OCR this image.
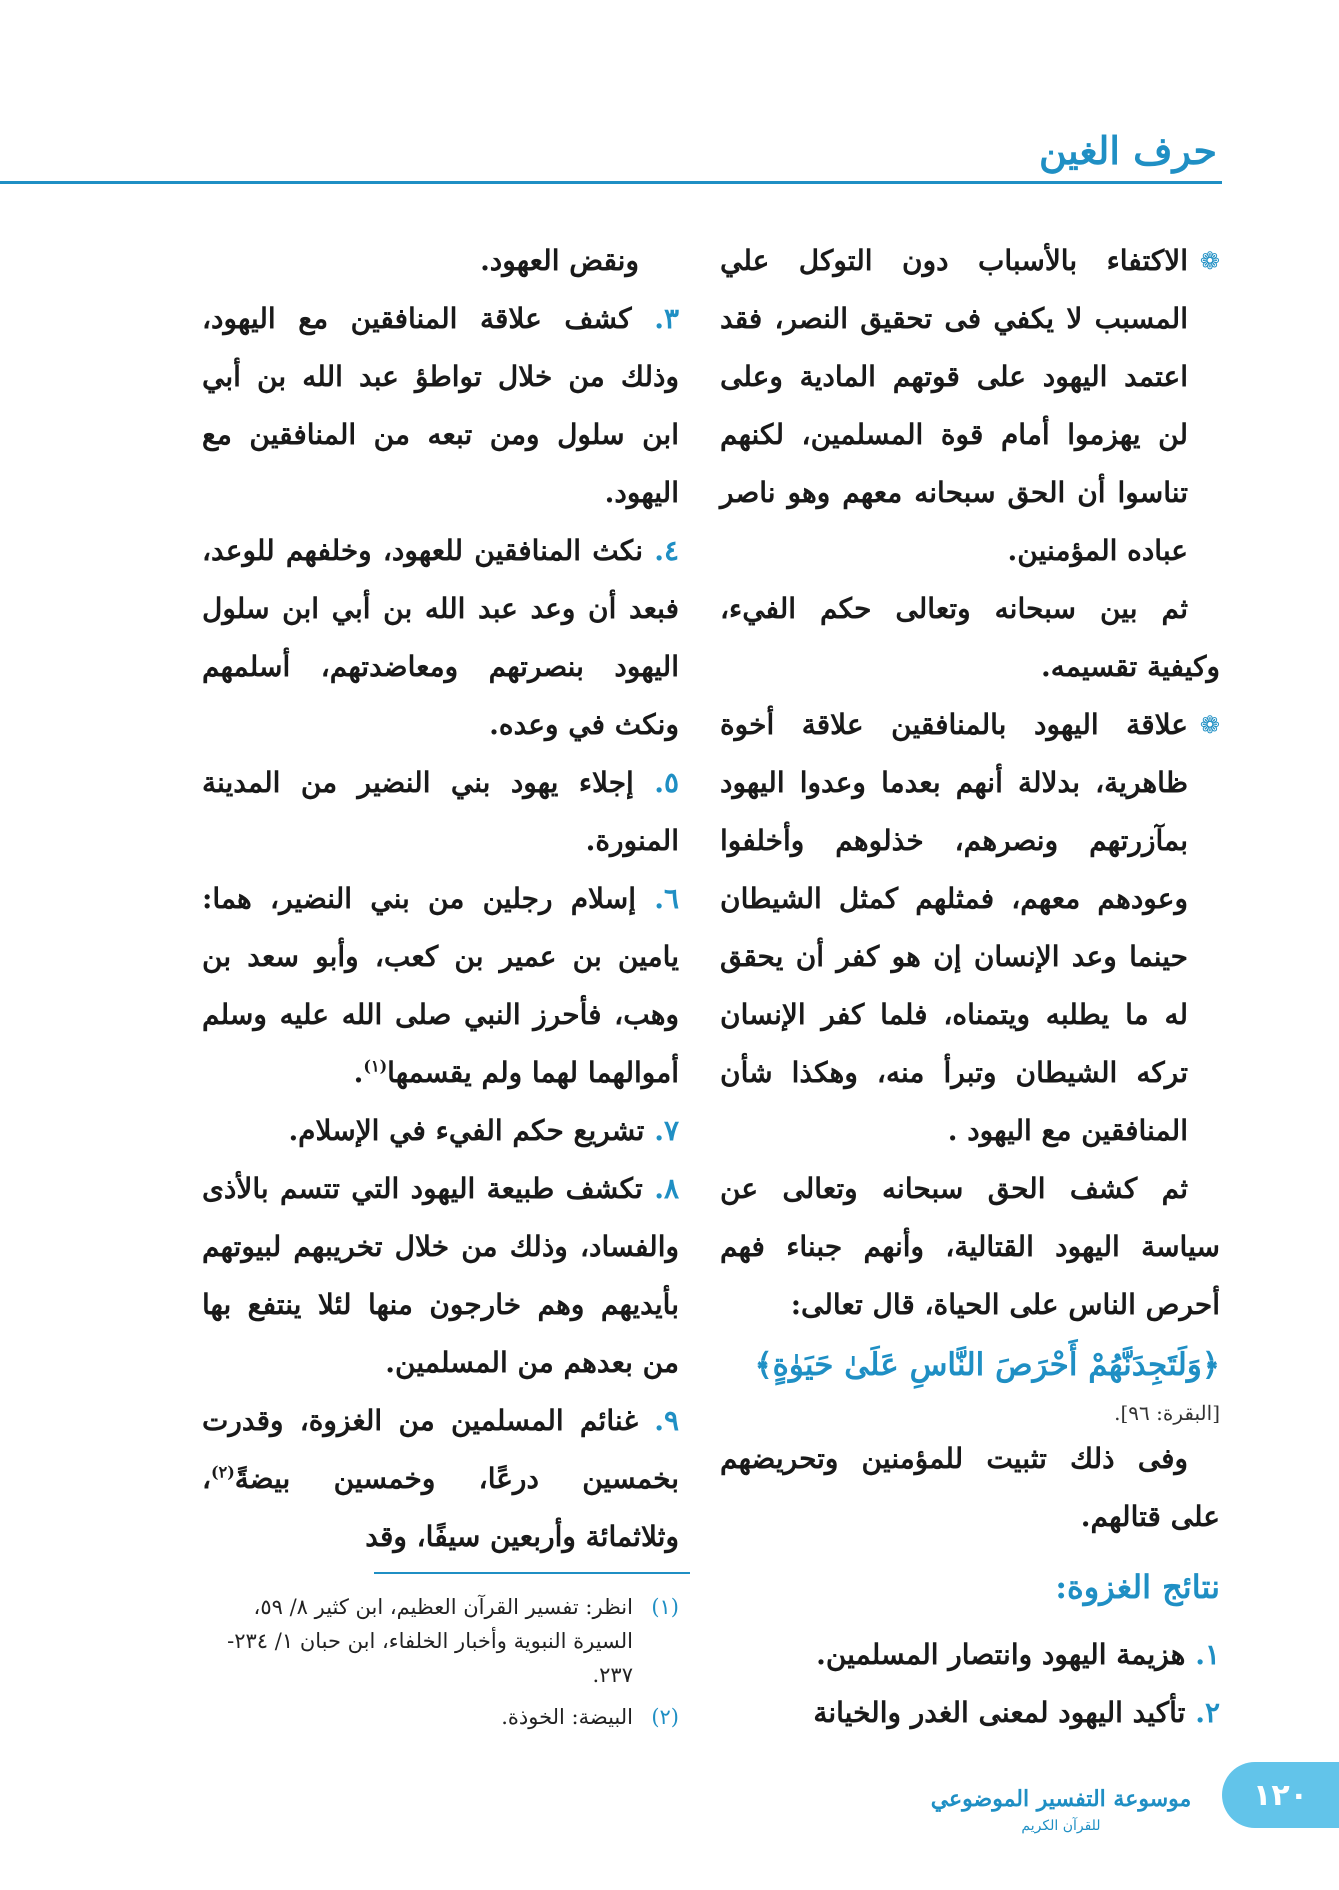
حرف الغين
❁

الاكتفاء بالأسباب دون التوكل علي المسبب لا يكفي فى تحقيق النصر، فقد اعتمد اليهود على قوتهم المادية وعلى لن يهزموا أمام قوة المسلمين، لكنهم تناسوا أن الحق سبحانه معهم وهو ناصر عباده المؤمنين.

ثم بين سبحانه وتعالى حكم الفيء، وكيفية تقسيمه.

❁

علاقة اليهود بالمنافقين علاقة أخوة ظاهرية، بدلالة أنهم بعدما وعدوا اليهود بمآزرتهم ونصرهم، خذلوهم وأخلفوا وعودهم معهم، فمثلهم كمثل الشيطان حينما وعد الإنسان إن هو كفر أن يحقق له ما يطلبه ويتمناه، فلما كفر الإنسان تركه الشيطان وتبرأ منه، وهكذا شأن المنافقين مع اليهود .

ثم كشف الحق سبحانه وتعالى عن سياسة اليهود القتالية، وأنهم جبناء فهم أحرص الناس على الحياة، قال تعالى:

﴿وَلَتَجِدَنَّهُمْ أَحْرَصَ النَّاسِ عَلَىٰ حَيَوٰةٍ﴾

[البقرة: ٩٦].

وفى ذلك تثبيت للمؤمنين وتحريضهم على قتالهم.

نتائج الغزوة:

١. هزيمة اليهود وانتصار المسلمين.

٢. تأكيد اليهود لمعنى الغدر والخيانة

ونقض العهود.

٣. كشف علاقة المنافقين مع اليهود، وذلك من خلال تواطؤ عبد الله بن أبي ابن سلول ومن تبعه من المنافقين مع اليهود.

٤. نكث المنافقين للعهود، وخلفهم للوعد، فبعد أن وعد عبد الله بن أبي ابن سلول اليهود بنصرتهم ومعاضدتهم، أسلمهم ونكث في وعده.

٥. إجلاء يهود بني النضير من المدينة المنورة.

٦. إسلام رجلين من بني النضير، هما: يامين بن عمير بن كعب، وأبو سعد بن وهب، فأحرز النبي صلى الله عليه وسلم أموالهما لهما ولم يقسمها$^{(١)}$.

٧. تشريع حكم الفيء في الإسلام.

٨. تكشف طبيعة اليهود التي تتسم بالأذى والفساد، وذلك من خلال تخريبهم لبيوتهم بأيديهم وهم خارجون منها لئلا ينتفع بها من بعدهم من المسلمين.

٩. غنائم المسلمين من الغزوة، وقدرت بخمسين درعًا، وخمسين بيضةً$^{(٢)}$، وثلاثمائة وأربعين سيفًا، وقد

(١)
انظر: تفسير القرآن العظيم، ابن كثير ٨/ ٥٩، السيرة النبوية وأخبار الخلفاء، ابن حبان ١/ ٢٣٤- ٢٣٧.

(٢)
البيضة: الخوذة.

موسوعة التفسير الموضوعي
للقرآن الكريم
١٢٠
